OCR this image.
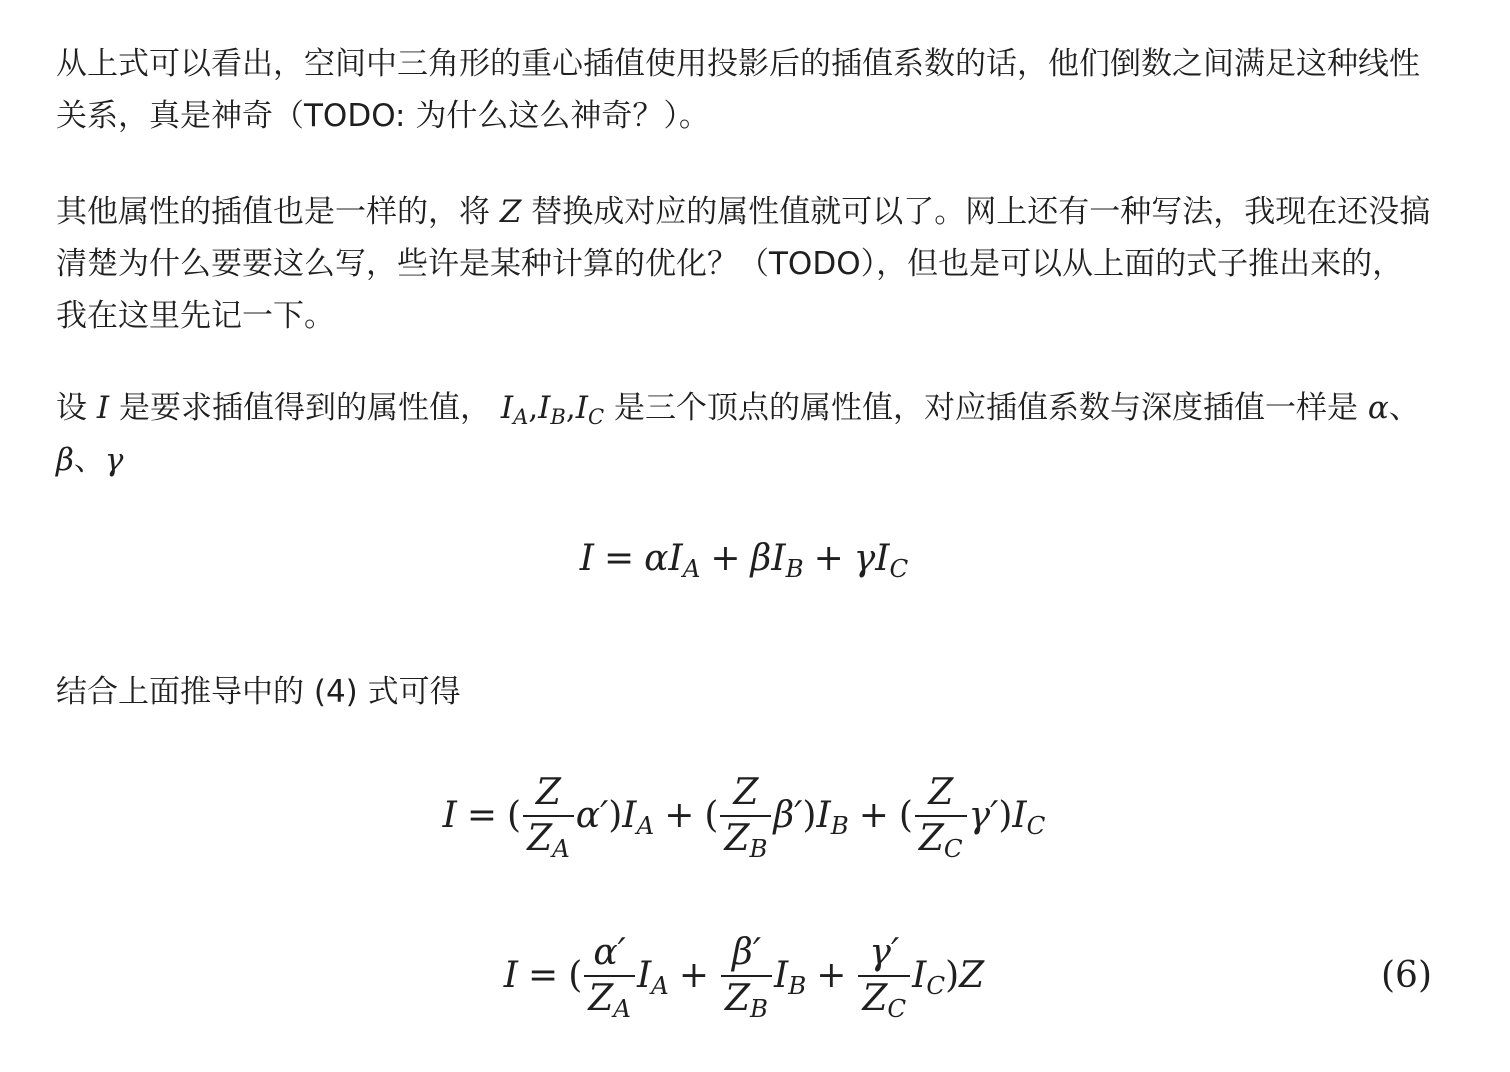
从上式可以看出，空间中三角形的重心插值使用投影后的插值系数的话，他们倒数之间满足这种线性关系，真是神奇（TODO: 为什么这么神奇？）。

其他属性的插值也是一样的，将 Z 替换成对应的属性值就可以了。网上还有一种写法，我现在还没搞清楚为什么要要这么写，些许是某种计算的优化？（TODO），但也是可以从上面的式子推出来的，我在这里先记一下。

设 I 是要求插值得到的属性值， $I_A,I_B,I_C$ 是三个顶点的属性值，对应插值系数与深度插值一样是 α、β、γ

$I = \alpha I_A + \beta I_B + \gamma I_C$

结合上面推导中的 (4) 式可得

I = ( $\frac{Z}{Z_A} \alpha')I_A$ + ( $\frac{Z}{Z_B} \beta')I_B$ + ( $\frac{Z}{Z_C} \gamma')I_C$
I = ( $\frac{\alpha'}{Z_A} I_A + \frac{\beta'}{Z_B} I_B + \frac{\gamma'}{Z_C} I_C)Z$	(6)
